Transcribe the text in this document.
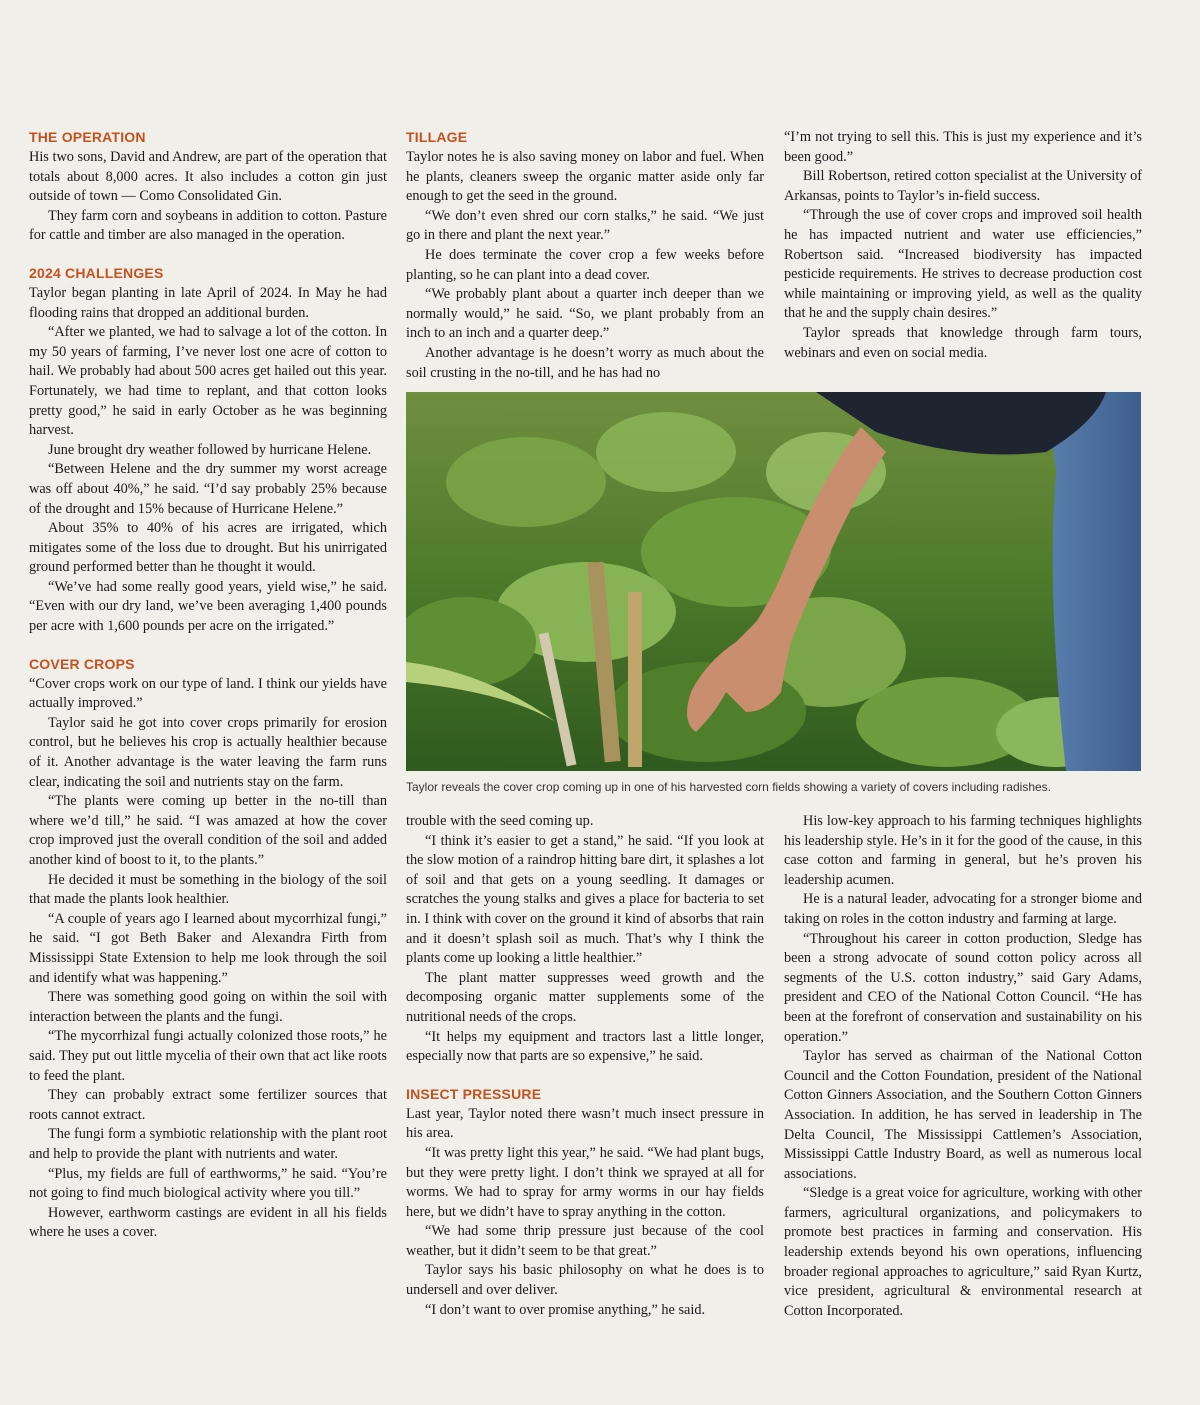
THE OPERATION

His two sons, David and Andrew, are part of the operation that totals about 8,000 acres. It also includes a cotton gin just outside of town — Como Consolidated Gin.

They farm corn and soybeans in addition to cotton. Pasture for cattle and timber are also managed in the operation.

2024 CHALLENGES

Taylor began planting in late April of 2024. In May he had flooding rains that dropped an additional burden.

“After we planted, we had to salvage a lot of the cotton. In my 50 years of farming, I’ve never lost one acre of cotton to hail. We probably had about 500 acres get hailed out this year. Fortunately, we had time to replant, and that cotton looks pretty good,” he said in early October as he was beginning harvest.

June brought dry weather followed by hurricane Helene.

“Between Helene and the dry summer my worst acreage was off about 40%,” he said. “I’d say probably 25% because of the drought and 15% because of Hurricane Helene.”

About 35% to 40% of his acres are irrigated, which mitigates some of the loss due to drought. But his unirrigated ground performed better than he thought it would.

“We’ve had some really good years, yield wise,” he said. “Even with our dry land, we’ve been averaging 1,400 pounds per acre with 1,600 pounds per acre on the irrigated.”

COVER CROPS

“Cover crops work on our type of land. I think our yields have actually improved.”

Taylor said he got into cover crops primarily for erosion control, but he believes his crop is actually healthier because of it. Another advantage is the water leaving the farm runs clear, indicating the soil and nutrients stay on the farm.

“The plants were coming up better in the no-till than where we’d till,” he said. “I was amazed at how the cover crop improved just the overall condition of the soil and added another kind of boost to it, to the plants.”

He decided it must be something in the biology of the soil that made the plants look healthier.

“A couple of years ago I learned about mycorrhizal fungi,” he said. “I got Beth Baker and Alexandra Firth from Mississippi State Extension to help me look through the soil and identify what was happening.”

There was something good going on within the soil with interaction between the plants and the fungi.

“The mycorrhizal fungi actually colonized those roots,” he said. They put out little mycelia of their own that act like roots to feed the plant.

They can probably extract some fertilizer sources that roots cannot extract.

The fungi form a symbiotic relationship with the plant root and help to provide the plant with nutrients and water.

“Plus, my fields are full of earthworms,” he said. “You’re not going to find much biological activity where you till.”

However, earthworm castings are evident in all his fields where he uses a cover.

TILLAGE

Taylor notes he is also saving money on labor and fuel. When he plants, cleaners sweep the organic matter aside only far enough to get the seed in the ground.

“We don’t even shred our corn stalks,” he said. “We just go in there and plant the next year.”

He does terminate the cover crop a few weeks before planting, so he can plant into a dead cover.

“We probably plant about a quarter inch deeper than we normally would,” he said. “So, we plant probably from an inch to an inch and a quarter deep.”

Another advantage is he doesn’t worry as much about the soil crusting in the no-till, and he has had no

“I’m not trying to sell this. This is just my experience and it’s been good.”

Bill Robertson, retired cotton specialist at the University of Arkansas, points to Taylor’s in-field success.

“Through the use of cover crops and improved soil health he has impacted nutrient and water use efficiencies,” Robertson said. “Increased biodiversity has impacted pesticide requirements. He strives to decrease production cost while maintaining or improving yield, as well as the quality that he and the supply chain desires.”

Taylor spreads that knowledge through farm tours, webinars and even on social media.

Taylor reveals the cover crop coming up in one of his harvested corn fields showing a variety of covers including radishes.

trouble with the seed coming up.

“I think it’s easier to get a stand,” he said. “If you look at the slow motion of a raindrop hitting bare dirt, it splashes a lot of soil and that gets on a young seedling. It damages or scratches the young stalks and gives a place for bacteria to set in. I think with cover on the ground it kind of absorbs that rain and it doesn’t splash soil as much. That’s why I think the plants come up looking a little healthier.”

The plant matter suppresses weed growth and the decomposing organic matter supplements some of the nutritional needs of the crops.

“It helps my equipment and tractors last a little longer, especially now that parts are so expensive,” he said.

INSECT PRESSURE

Last year, Taylor noted there wasn’t much insect pressure in his area.

“It was pretty light this year,” he said. “We had plant bugs, but they were pretty light. I don’t think we sprayed at all for worms. We had to spray for army worms in our hay fields here, but we didn’t have to spray anything in the cotton.

“We had some thrip pressure just because of the cool weather, but it didn’t seem to be that great.”

Taylor says his basic philosophy on what he does is to undersell and over deliver.

“I don’t want to over promise anything,” he said.

His low-key approach to his farming techniques highlights his leadership style. He’s in it for the good of the cause, in this case cotton and farming in general, but he’s proven his leadership acumen.

He is a natural leader, advocating for a stronger biome and taking on roles in the cotton industry and farming at large.

“Throughout his career in cotton production, Sledge has been a strong advocate of sound cotton policy across all segments of the U.S. cotton industry,” said Gary Adams, president and CEO of the National Cotton Council. “He has been at the forefront of conservation and sustainability on his operation.”

Taylor has served as chairman of the National Cotton Council and the Cotton Foundation, president of the National Cotton Ginners Association, and the Southern Cotton Ginners Association. In addition, he has served in leadership in The Delta Council, The Mississippi Cattlemen’s Association, Mississippi Cattle Industry Board, as well as numerous local associations.

“Sledge is a great voice for agriculture, working with other farmers, agricultural organizations, and policymakers to promote best practices in farming and conservation. His leadership extends beyond his own operations, influencing broader regional approaches to agriculture,” said Ryan Kurtz, vice president, agricultural & environmental research at Cotton Incorporated.
